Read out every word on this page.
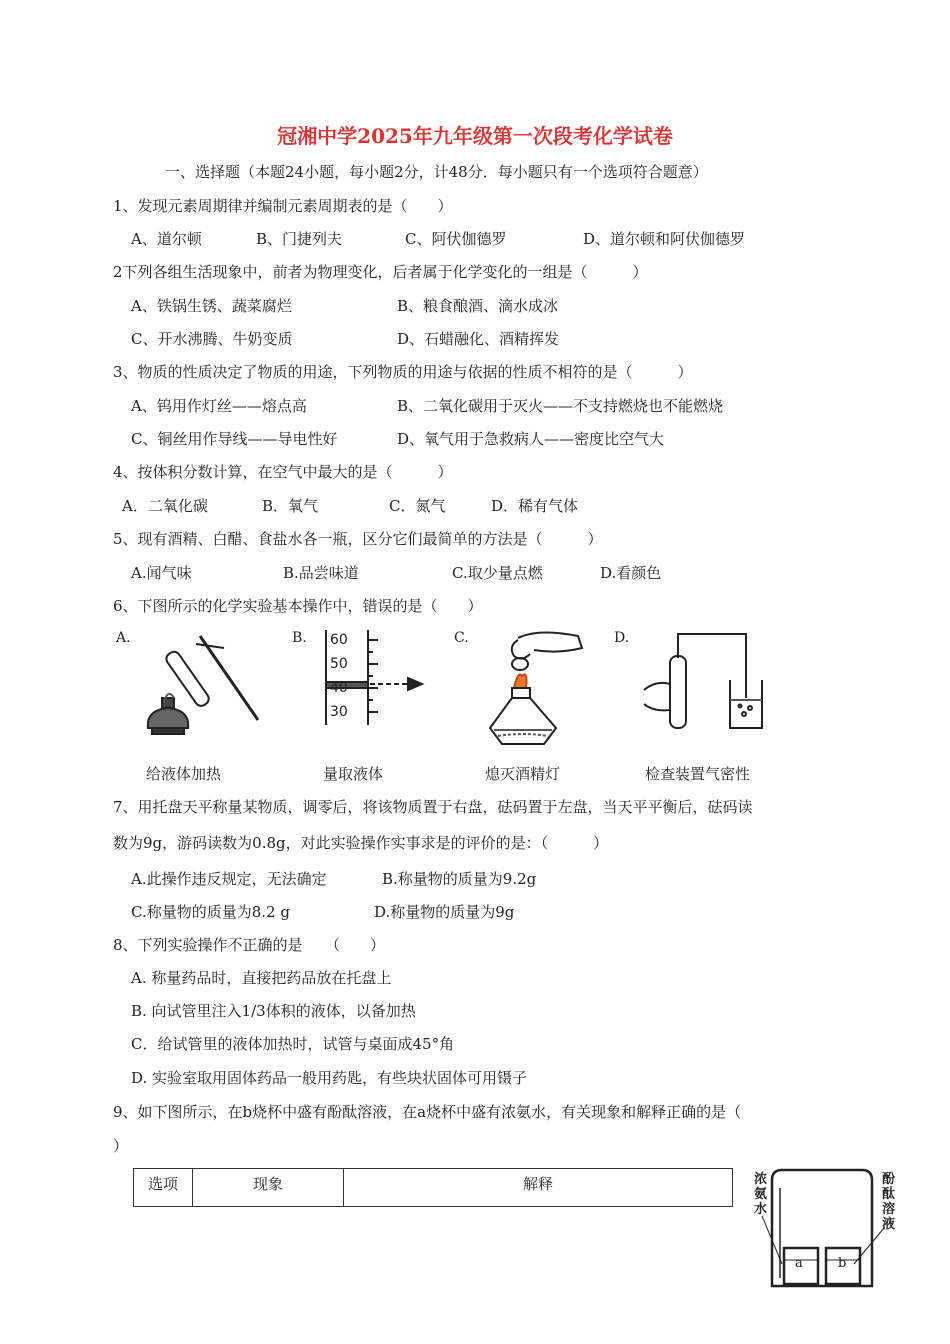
冠湘中学2025年九年级第一次段考化学试卷
一、选择题（本题24小题，每小题2分，计48分．每小题只有一个选项符合题意）
1、发现元素周期律并编制元素周期表的是（　　）
A、道尔顿	B、门捷列夫	C、阿伏伽德罗	D、道尔顿和阿伏伽德罗
2下列各组生活现象中，前者为物理变化，后者属于化学变化的一组是（　　　）
A、铁锅生锈、蔬菜腐烂	B、粮食酿酒、滴水成冰
C、开水沸腾、牛奶变质	D、石蜡融化、酒精挥发
3、物质的性质决定了物质的用途，下列物质的用途与依据的性质不相符的是（　　　）
A、钨用作灯丝——熔点高	B、二氧化碳用于灭火——不支持燃烧也不能燃烧
C、铜丝用作导线——导电性好	D、氧气用于急救病人——密度比空气大
4、按体积分数计算，在空气中最大的是（　　　）
A．二氧化碳	B．氧气	C．氮气	D．稀有气体
5、现有酒精、白醋、食盐水各一瓶，区分它们最简单的方法是（　　　）
A.闻气味	B.品尝味道	C.取少量点燃	D.看颜色
6、下图所示的化学实验基本操作中，错误的是（　　）
A.	B.	C.	D.
60
50
40
30
给液体加热	量取液体	熄灭酒精灯	检查装置气密性
7、用托盘天平称量某物质，调零后，将该物质置于右盘，砝码置于左盘，当天平平衡后，砝码读
数为9g，游码读数为0.8g，对此实验操作实事求是的评价的是：（　　　）
A.此操作违反规定，无法确定	B.称量物的质量为9.2g
C.称量物的质量为8.2 g	D.称量物的质量为9g
8、下列实验操作不正确的是　　（　　）
A. 称量药品时，直接把药品放在托盘上
B. 向试管里注入1/3体积的液体，以备加热
C．给试管里的液体加热时，试管与桌面成45°角
D. 实验室取用固体药品一般用药匙，有些块状固体可用镊子
9、如下图所示，在b烧杯中盛有酚酞溶液，在a烧杯中盛有浓氨水，有关现象和解释正确的是（
）
选项	现象	解释	浓氨水
酚酞溶液
a	b
